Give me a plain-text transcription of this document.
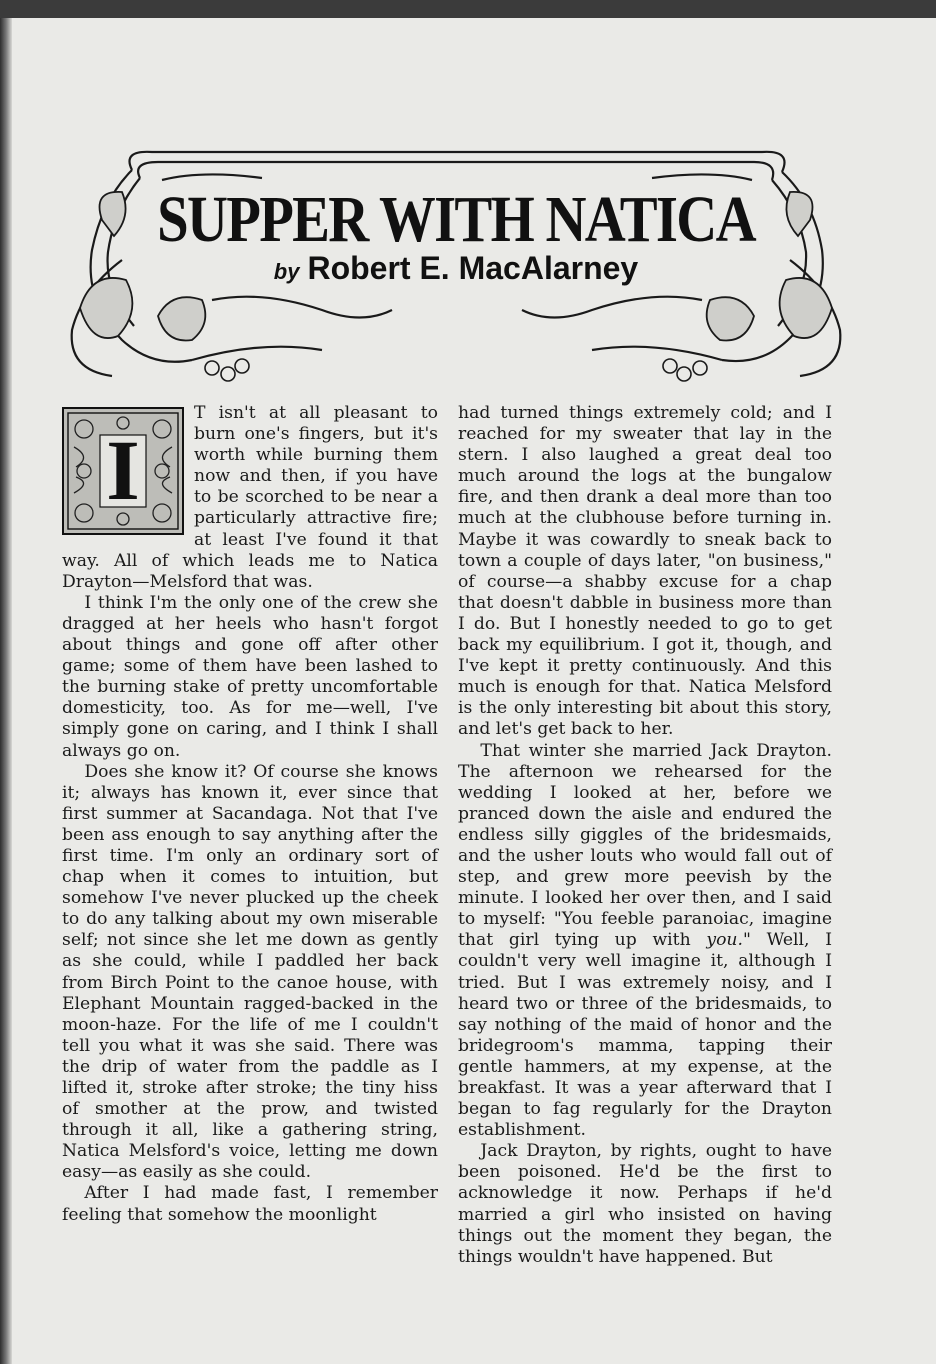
SUPPER WITH NATICA
by Robert E. MacAlarney
I

T isn't at all pleasant to burn one's fingers, but it's worth while burning them now and then, if you have to be scorched to be near a particularly attractive fire; at least I've found it that way. All of which leads me to Natica Drayton—Melsford that was.

I think I'm the only one of the crew she dragged at her heels who hasn't forgot about things and gone off after other game; some of them have been lashed to the burning stake of pretty uncomfortable domesticity, too. As for me—well, I've simply gone on caring, and I think I shall always go on.

Does she know it? Of course she knows it; always has known it, ever since that first summer at Sacandaga. Not that I've been ass enough to say anything after the first time. I'm only an ordinary sort of chap when it comes to intuition, but somehow I've never plucked up the cheek to do any talking about my own miserable self; not since she let me down as gently as she could, while I paddled her back from Birch Point to the canoe house, with Elephant Mountain ragged-backed in the moon-haze. For the life of me I couldn't tell you what it was she said. There was the drip of water from the paddle as I lifted it, stroke after stroke; the tiny hiss of smother at the prow, and twisted through it all, like a gathering string, Natica Melsford's voice, letting me down easy—as easily as she could.

After I had made fast, I remember feeling that somehow the moonlight

had turned things extremely cold; and I reached for my sweater that lay in the stern. I also laughed a great deal too much around the logs at the bungalow fire, and then drank a deal more than too much at the clubhouse before turning in. Maybe it was cowardly to sneak back to town a couple of days later, "on business," of course—a shabby excuse for a chap that doesn't dabble in business more than I do. But I honestly needed to go to get back my equilibrium. I got it, though, and I've kept it pretty continuously. And this much is enough for that. Natica Melsford is the only interesting bit about this story, and let's get back to her.

That winter she married Jack Drayton. The afternoon we rehearsed for the wedding I looked at her, before we pranced down the aisle and endured the endless silly giggles of the bridesmaids, and the usher louts who would fall out of step, and grew more peevish by the minute. I looked her over then, and I said to myself: "You feeble paranoiac, imagine that girl tying up with you." Well, I couldn't very well imagine it, although I tried. But I was extremely noisy, and I heard two or three of the bridesmaids, to say nothing of the maid of honor and the bridegroom's mamma, tapping their gentle hammers, at my expense, at the breakfast. It was a year afterward that I began to fag regularly for the Drayton establishment.

Jack Drayton, by rights, ought to have been poisoned. He'd be the first to acknowledge it now. Perhaps if he'd married a girl who insisted on having things out the moment they began, the things wouldn't have happened. But
